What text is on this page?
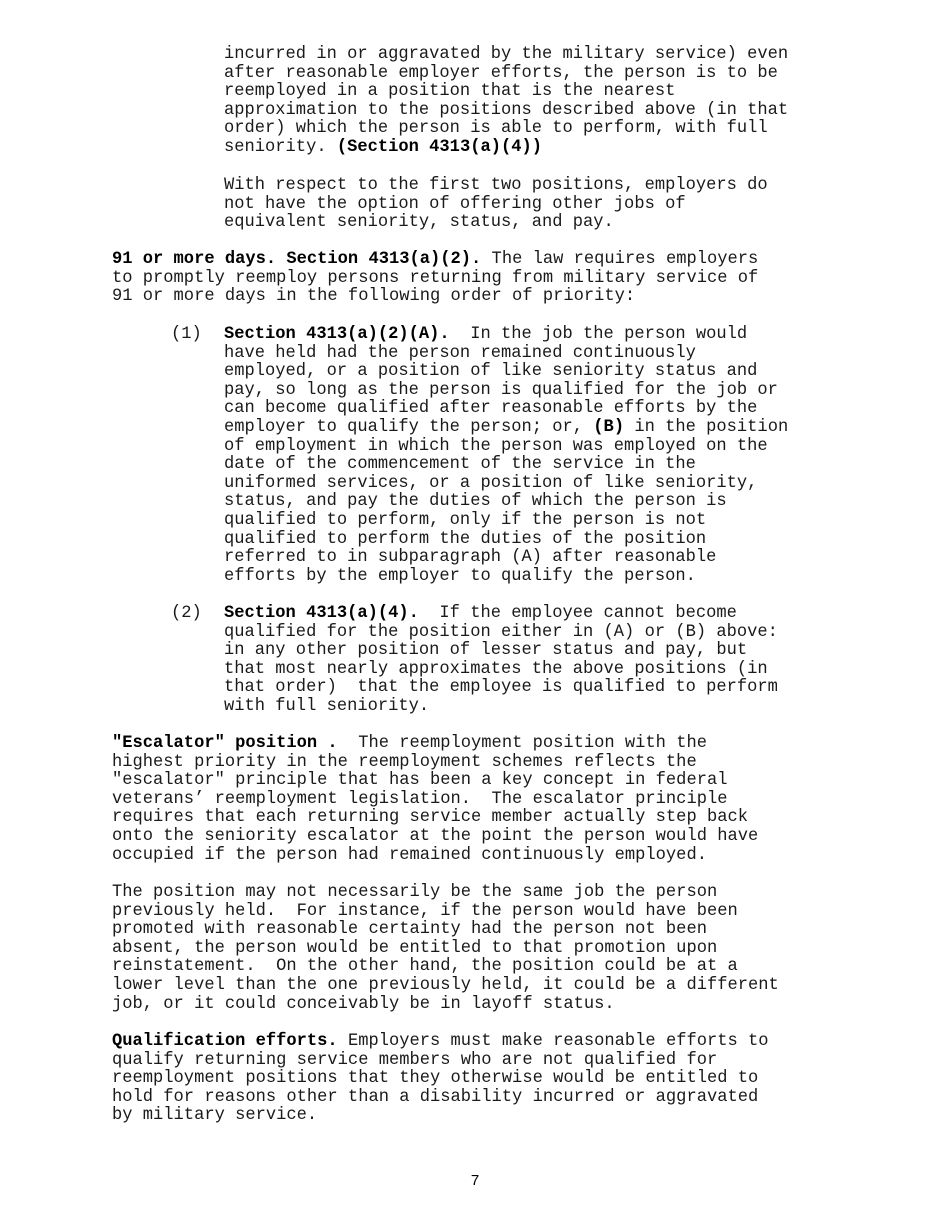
incurred in or aggravated by the military service) even
after reasonable employer efforts, the person is to be
reemployed in a position that is the nearest
approximation to the positions described above (in that
order) which the person is able to perform, with full
seniority. (Section 4313(a)(4))
With respect to the first two positions, employers do
not have the option of offering other jobs of
equivalent seniority, status, and pay.
91 or more days. Section 4313(a)(2). The law requires employers
to promptly reemploy persons returning from military service of
91 or more days in the following order of priority:
(1) Section 4313(a)(2)(A).  In the job the person would
have held had the person remained continuously
employed, or a position of like seniority status and
pay, so long as the person is qualified for the job or
can become qualified after reasonable efforts by the
employer to qualify the person; or, (B) in the position
of employment in which the person was employed on the
date of the commencement of the service in the
uniformed services, or a position of like seniority,
status, and pay the duties of which the person is
qualified to perform, only if the person is not
qualified to perform the duties of the position
referred to in subparagraph (A) after reasonable
efforts by the employer to qualify the person.
(2) Section 4313(a)(4).  If the employee cannot become
qualified for the position either in (A) or (B) above:
in any other position of lesser status and pay, but
that most nearly approximates the above positions (in
that order)  that the employee is qualified to perform
with full seniority.
"Escalator" position .  The reemployment position with the
highest priority in the reemployment schemes reflects the
"escalator" principle that has been a key concept in federal
veterans’ reemployment legislation.  The escalator principle
requires that each returning service member actually step back
onto the seniority escalator at the point the person would have
occupied if the person had remained continuously employed.
The position may not necessarily be the same job the person
previously held.  For instance, if the person would have been
promoted with reasonable certainty had the person not been
absent, the person would be entitled to that promotion upon
reinstatement.  On the other hand, the position could be at a
lower level than the one previously held, it could be a different
job, or it could conceivably be in layoff status.
Qualification efforts. Employers must make reasonable efforts to
qualify returning service members who are not qualified for
reemployment positions that they otherwise would be entitled to
hold for reasons other than a disability incurred or aggravated
by military service.
7
